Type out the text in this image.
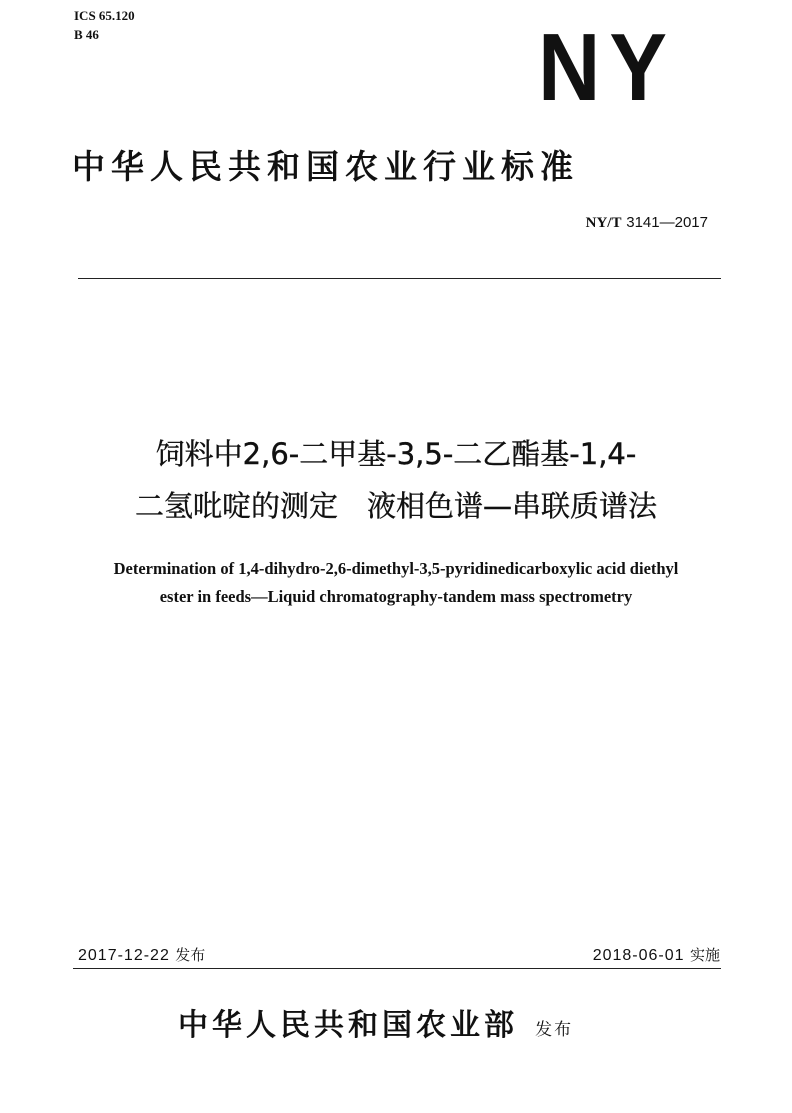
ICS 65.120
B 46	NY
中华人民共和国农业行业标准
NY/T 3141—2017
饲料中2,6-二甲基-3,5-二乙酯基-1,4-
二氢吡啶的测定　液相色谱—串联质谱法
Determination of 1,4-dihydro-2,6-dimethyl-3,5-pyridinedicarboxylic acid diethyl
ester in feeds—Liquid chromatography-tandem mass spectrometry
2017-12-22 发布	2018-06-01 实施
中华人民共和国农业部 发布
